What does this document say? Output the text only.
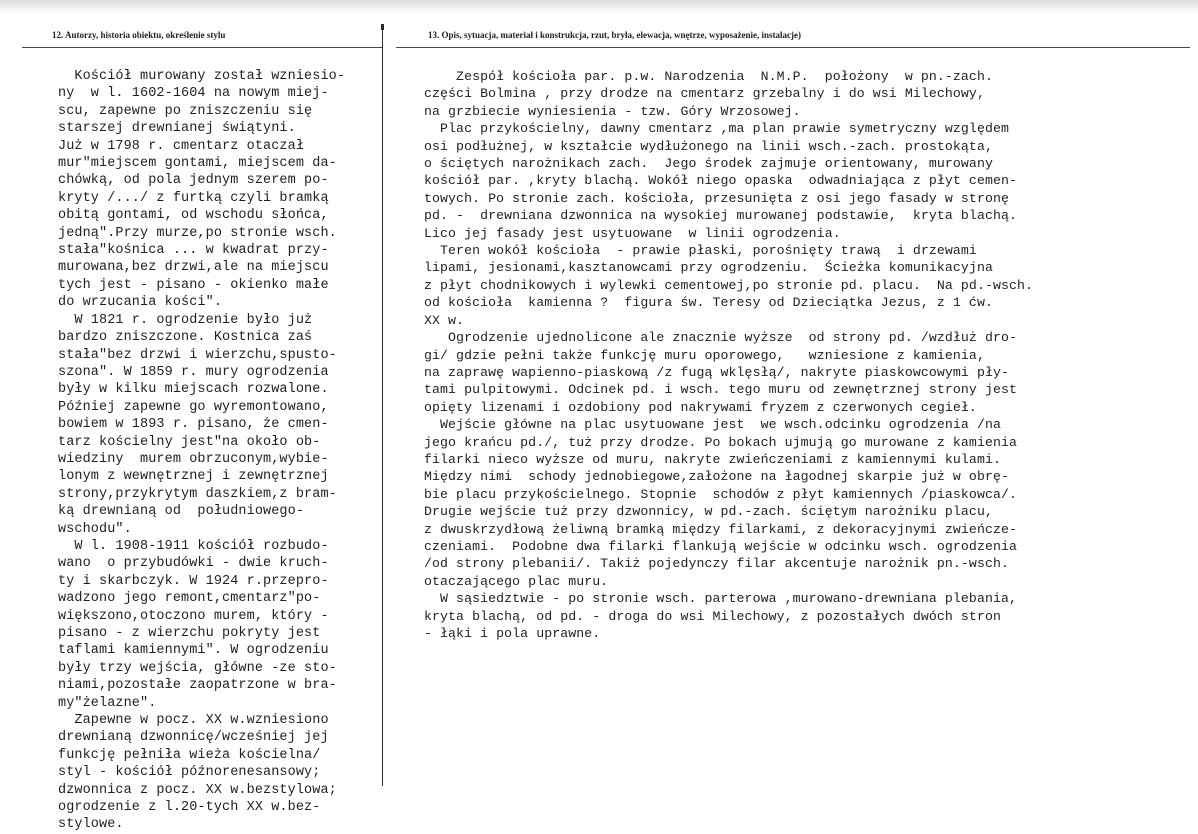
12. Autorzy, historia obiektu, określenie stylu	13. Opis, sytuacja, materiał i konstrukcja, rzut, bryła, elewacja, wnętrze, wyposażenie, instalacje)
Kościół murowany został wzniesio-
ny  w l. 1602-1604 na nowym miej-
scu, zapewne po zniszczeniu się
starszej drewnianej świątyni.
Już w 1798 r. cmentarz otaczał
mur"miejscem gontami, miejscem da-
chówką, od pola jednym szerem po-
kryty /.../ z furtką czyli bramką
obitą gontami, od wschodu słońca,
jedną".Przy murze,po stronie wsch.
stała"kośnica ... w kwadrat przy-
murowana,bez drzwi,ale na miejscu
tych jest - pisano - okienko małe
do wrzucania kości".
W 1821 r. ogrodzenie było już
bardzo zniszczone. Kostnica zaś
stała"bez drzwi i wierzchu,spusto-
szona". W 1859 r. mury ogrodzenia
były w kilku miejscach rozwalone.
Później zapewne go wyremontowano,
bowiem w 1893 r. pisano, że cmen-
tarz kościelny jest"na około ob-
wiedziny  murem obrzuconym,wybie-
lonym z wewnętrznej i zewnętrznej
strony,przykrytym daszkiem,z bram-
ką drewnianą od  południowego-
wschodu".
W l. 1908-1911 kościół rozbudo-
wano  o przybudówki - dwie kruch-
ty i skarbczyk. W 1924 r.przepro-
wadzono jego remont,cmentarz"po-
większono,otoczono murem, który -
pisano - z wierzchu pokryty jest
taflami kamiennymi". W ogrodzeniu
były trzy wejścia, główne -ze sto-
niami,pozostałe zaopatrzone w bra-
my"żelazne".
Zapewne w pocz. XX w.wzniesiono
drewnianą dzwonnicę/wcześniej jej
funkcję pełniła wieża kościelna/
styl - kościół późnorenesansowy;
dzwonnica z pocz. XX w.bezstylowa;
ogrodzenie z l.20-tych XX w.bez-
stylowe.
Zespół kościoła par. p.w. Narodzenia  N.M.P.  położony  w pn.-zach.
części Bolmina , przy drodze na cmentarz grzebalny i do wsi Milechowy,
na grzbiecie wyniesienia - tzw. Góry Wrzosowej.
Plac przykościelny, dawny cmentarz ,ma plan prawie symetryczny względem
osi podłużnej, w kształcie wydłużonego na linii wsch.-zach. prostokąta,
o ściętych narożnikach zach.  Jego środek zajmuje orientowany, murowany
kościół par. ,kryty blachą. Wokół niego opaska  odwadniająca z płyt cemen-
towych. Po stronie zach. kościoła, przesunięta z osi jego fasady w stronę
pd. -  drewniana dzwonnica na wysokiej murowanej podstawie,  kryta blachą.
Lico jej fasady jest usytuowane  w linii ogrodzenia.
Teren wokół kościoła  - prawie płaski, porośnięty trawą  i drzewami
lipami, jesionami,kasztanowcami przy ogrodzeniu.  Ścieżka komunikacyjna
z płyt chodnikowych i wylewki cementowej,po stronie pd. placu.  Na pd.-wsch.
od kościoła  kamienna ?  figura św. Teresy od Dzieciątka Jezus, z 1 ćw.
XX w.
Ogrodzenie ujednolicone ale znacznie wyższe  od strony pd. /wzdłuż dro-
gi/ gdzie pełni także funkcję muru oporowego,   wzniesione z kamienia,
na zaprawę wapienno-piaskową /z fugą wklęsłą/, nakryte piaskowcowymi pły-
tami pulpitowymi. Odcinek pd. i wsch. tego muru od zewnętrznej strony jest
opięty lizenami i ozdobiony pod nakrywami fryzem z czerwonych cegieł.
Wejście główne na plac usytuowane jest  we wsch.odcinku ogrodzenia /na
jego krańcu pd./, tuż przy drodze. Po bokach ujmują go murowane z kamienia
filarki nieco wyższe od muru, nakryte zwieńczeniami z kamiennymi kulami.
Między nimi  schody jednobiegowe,założone na łagodnej skarpie już w obrę-
bie placu przykościelnego. Stopnie  schodów z płyt kamiennych /piaskowca/.
Drugie wejście tuż przy dzwonnicy, w pd.-zach. ściętym narożniku placu,
z dwuskrzydłową żeliwną bramką między filarkami, z dekoracyjnymi zwieńcze-
czeniami.  Podobne dwa filarki flankują wejście w odcinku wsch. ogrodzenia
/od strony plebanii/. Takiż pojedynczy filar akcentuje narożnik pn.-wsch.
otaczającego plac muru.
W sąsiedztwie - po stronie wsch. parterowa ,murowano-drewniana plebania,
kryta blachą, od pd. - droga do wsi Milechowy, z pozostałych dwóch stron
- łąki i pola uprawne.
